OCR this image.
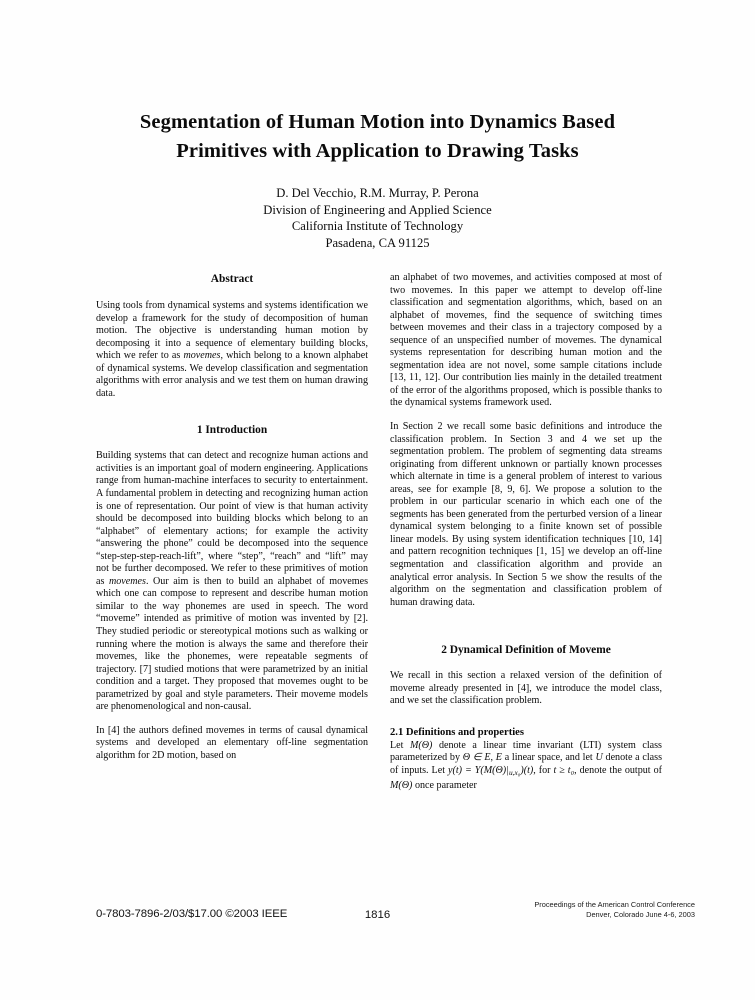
Segmentation of Human Motion into Dynamics Based
Primitives with Application to Drawing Tasks
D. Del Vecchio, R.M. Murray, P. Perona
Division of Engineering and Applied Science
California Institute of Technology
Pasadena, CA 91125
Abstract

Using tools from dynamical systems and systems identification we develop a framework for the study of decomposition of human motion. The objective is understanding human motion by decomposing it into a sequence of elementary building blocks, which we refer to as movemes, which belong to a known alphabet of dynamical systems. We develop classification and segmentation algorithms with error analysis and we test them on human drawing data.

1 Introduction

Building systems that can detect and recognize human actions and activities is an important goal of modern engineering. Applications range from human-machine interfaces to security to entertainment. A fundamental problem in detecting and recognizing human action is one of representation. Our point of view is that human activity should be decomposed into building blocks which belong to an “alphabet” of elementary actions; for example the activity “answering the phone” could be decomposed into the sequence “step-step-step-reach-lift”, where “step”, “reach” and “lift” may not be further decomposed. We refer to these primitives of motion as movemes. Our aim is then to build an alphabet of movemes which one can compose to represent and describe human motion similar to the way phonemes are used in speech. The word “moveme” intended as primitive of motion was invented by [2]. They studied periodic or stereotypical motions such as walking or running where the motion is always the same and therefore their movemes, like the phonemes, were repeatable segments of trajectory. [7] studied motions that were parametrized by an initial condition and a target. They proposed that movemes ought to be parametrized by goal and style parameters. Their moveme models are phenomenological and non-causal.

In [4] the authors defined movemes in terms of causal dynamical systems and developed an elementary off-line segmentation algorithm for 2D motion, based on

an alphabet of two movemes, and activities composed at most of two movemes. In this paper we attempt to develop off-line classification and segmentation algorithms, which, based on an alphabet of movemes, find the sequence of switching times between movemes and their class in a trajectory composed by a sequence of an unspecified number of movemes. The dynamical systems representation for describing human motion and the segmentation idea are not novel, some sample citations include [13, 11, 12]. Our contribution lies mainly in the detailed treatment of the error of the algorithms proposed, which is possible thanks to the dynamical systems framework used.

In Section 2 we recall some basic definitions and introduce the classification problem. In Section 3 and 4 we set up the segmentation problem. The problem of segmenting data streams originating from different unknown or partially known processes which alternate in time is a general problem of interest to various areas, see for example [8, 9, 6]. We propose a solution to the problem in our particular scenario in which each one of the segments has been generated from the perturbed version of a linear dynamical system belonging to a finite known set of possible linear models. By using system identification techniques [10, 14] and pattern recognition techniques [1, 15] we develop an off-line segmentation and classification algorithm and provide an analytical error analysis. In Section 5 we show the results of the algorithm on the segmentation and classification problem of human drawing data.

2 Dynamical Definition of Moveme

We recall in this section a relaxed version of the definition of moveme already presented in [4], we introduce the model class, and we set the classification problem.

2.1 Definitions and properties

Let M(Θ) denote a linear time invariant (LTI) system class parameterized by Θ ∈ E, E a linear space, and let U denote a class of inputs. Let $y(t) = Y(M(\Theta)|_{u,x_0})(t)$, for t ≥ t₀, denote the output of M(Θ) once parameter

0-7803-7896-2/03/$17.00 ©2003 IEEE	1816
Proceedings of the American Control Conference
Denver, Colorado June 4-6, 2003
